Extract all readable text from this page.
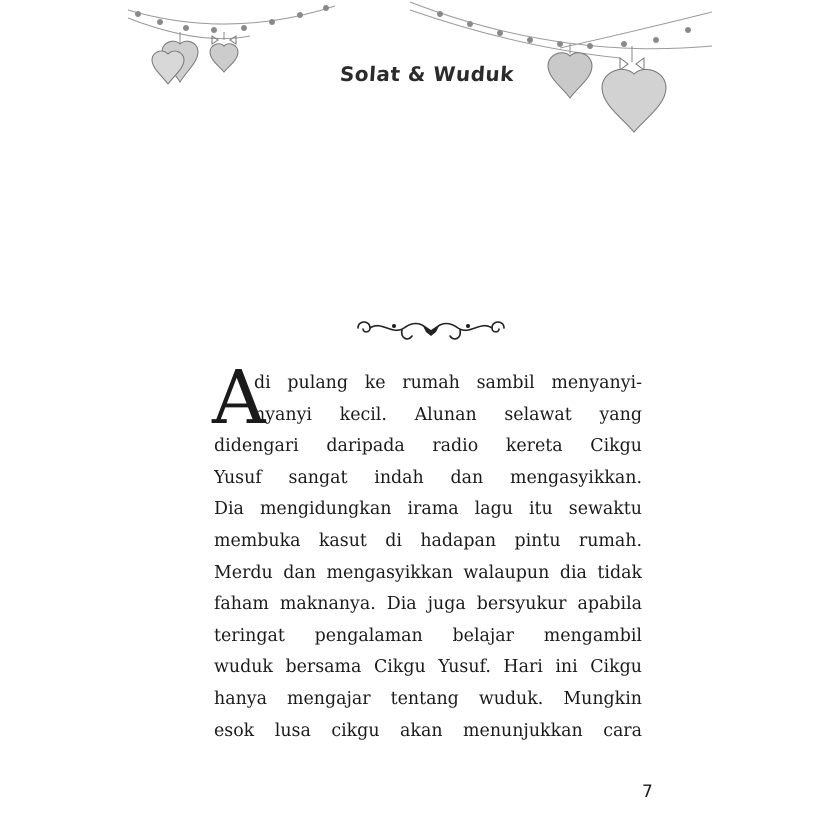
Solat & Wuduk
A
di pulang ke rumah sambil menyanyi-
nyanyi kecil. Alunan selawat yang
didengari daripada radio kereta Cikgu
Yusuf sangat indah dan mengasyikkan.
Dia mengidungkan irama lagu itu sewaktu
membuka kasut di hadapan pintu rumah.
Merdu dan mengasyikkan walaupun dia tidak
faham maknanya. Dia juga bersyukur apabila
teringat pengalaman belajar mengambil
wuduk bersama Cikgu Yusuf. Hari ini Cikgu
hanya mengajar tentang wuduk. Mungkin
esok lusa cikgu akan menunjukkan cara
7
